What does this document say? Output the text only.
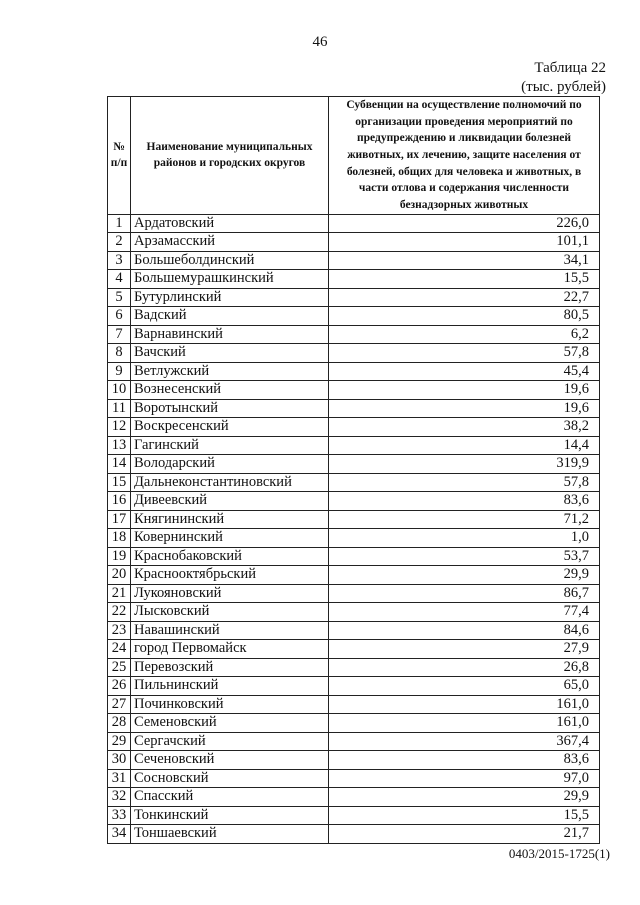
46
Таблица 22
(тыс. рублей)
№ п/п	Наименование муниципальных районов и городских округов	Субвенции на осуществление полномочий по организации проведения мероприятий по предупреждению и ликвидации болезней животных, их лечению, защите населения от болезней, общих для человека и животных, в части отлова и содержания численности безнадзорных животных
1	Ардатовский	226,0
2	Арзамасский	101,1
3	Большеболдинский	34,1
4	Большемурашкинский	15,5
5	Бутурлинский	22,7
6	Вадский	80,5
7	Варнавинский	6,2
8	Вачский	57,8
9	Ветлужский	45,4
10	Вознесенский	19,6
11	Воротынский	19,6
12	Воскресенский	38,2
13	Гагинский	14,4
14	Володарский	319,9
15	Дальнеконстантиновский	57,8
16	Дивеевский	83,6
17	Княгининский	71,2
18	Ковернинский	1,0
19	Краснобаковский	53,7
20	Краснооктябрьский	29,9
21	Лукояновский	86,7
22	Лысковский	77,4
23	Навашинский	84,6
24	город Первомайск	27,9
25	Перевозский	26,8
26	Пильнинский	65,0
27	Починковский	161,0
28	Семеновский	161,0
29	Сергачский	367,4
30	Сеченовский	83,6
31	Сосновский	97,0
32	Спасский	29,9
33	Тонкинский	15,5
34	Тоншаевский	21,7
0403/2015-1725(1)
